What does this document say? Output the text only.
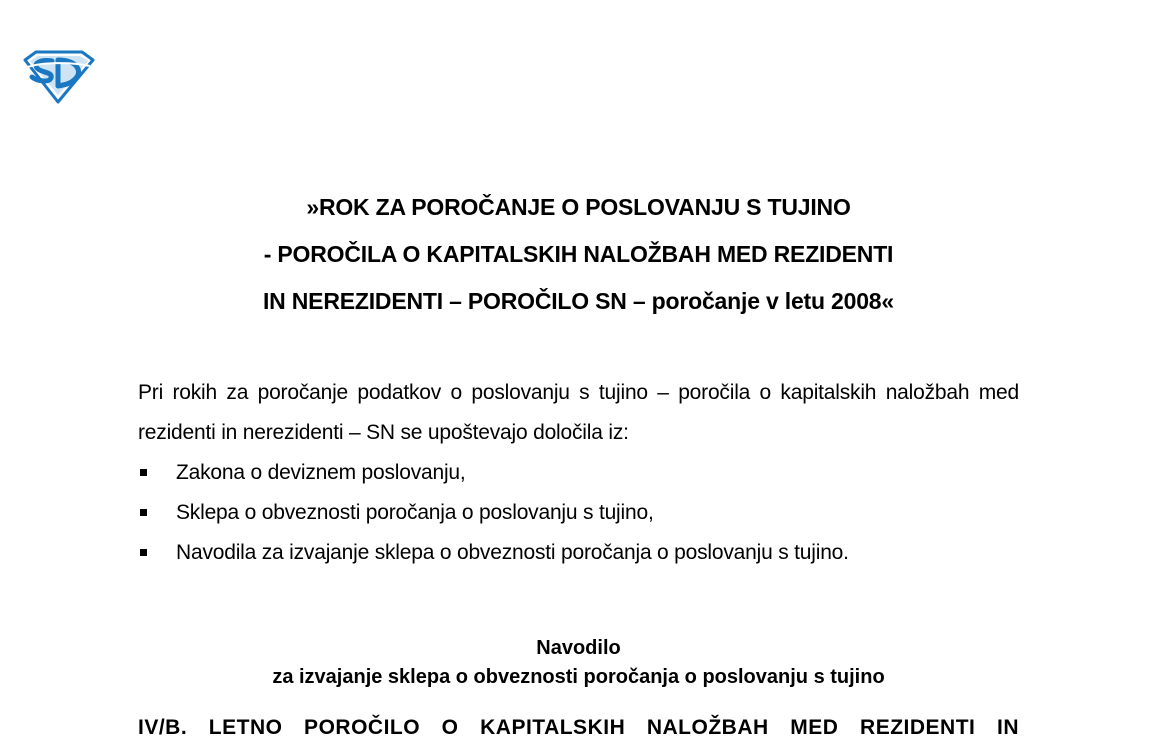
»ROK ZA POROČANJE O POSLOVANJU S TUJINO
- POROČILA O KAPITALSKIH NALOŽBAH MED REZIDENTI
IN NEREZIDENTI – POROČILO SN – poročanje v letu 2008«
Pri rokih za poročanje podatkov o poslovanju s tujino – poročila o kapitalskih naložbah med rezidenti in nerezidenti – SN se upoštevajo določila iz:
Zakona o deviznem poslovanju,
Sklepa o obveznosti poročanja o poslovanju s tujino,
Navodila za izvajanje sklepa o obveznosti poročanja o poslovanju s tujino.
Navodilo
za izvajanje sklepa o obveznosti poročanja o poslovanju s tujino
IV/B. LETNO POROČILO O KAPITALSKIH NALOŽBAH MED REZIDENTI IN
